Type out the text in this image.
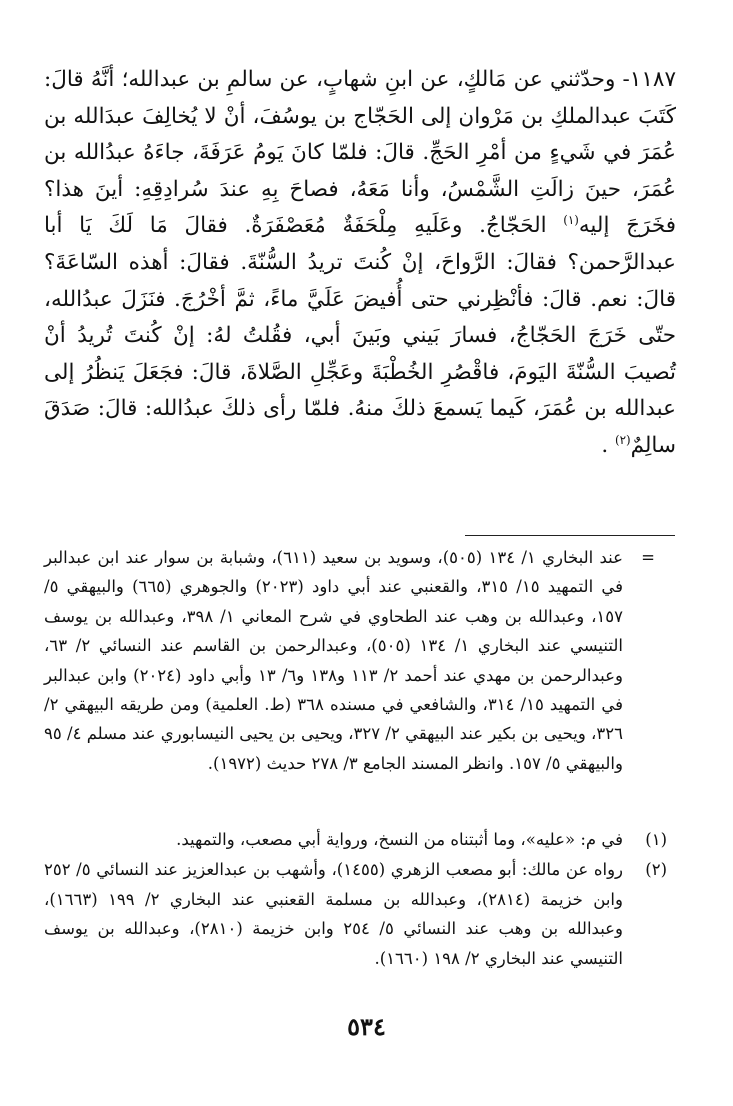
١١٨٧- وحدّثني عن مَالكٍ، عن ابنِ شهابٍ، عن سالمِ بن عبدالله؛ أنَّهُ قالَ: كَتَبَ عبدالملكِ بن مَرْوان إلى الحَجّاج بن يوسُفَ، أنْ لا يُخالِفَ عبدَالله بن عُمَرَ في شَيءٍ من أمْرِ الحَجِّ. قالَ: فلمّا كانَ يَومُ عَرَفَةَ، جاءَهُ عبدُالله بن عُمَرَ، حينَ زالَتِ الشَّمْسُ، وأنا مَعَهُ، فصاحَ بِهِ عندَ سُرادِقِهِ: أينَ هذا؟ فخَرَجَ إليه$^{(١)}$ الحَجّاجُ. وعَلَيهِ مِلْحَفَةٌ مُعَصْفَرَةٌ. فقالَ مَا لَكَ يَا أبا عبدالرَّحمن؟ فقالَ: الرَّواحَ، إنْ كُنتَ تريدُ السُّنّةَ. فقالَ: أهذه السّاعَةَ؟ قالَ: نعم. قالَ: فأنْظِرني حتى أُفيضَ عَلَيَّ ماءً، ثمَّ أخْرُجَ. فنَزَلَ عبدُالله، حتّى خَرَجَ الحَجّاجُ، فسارَ بَيني وبَينَ أبي، فقُلتُ لهُ: إنْ كُنتَ تُريدُ أنْ تُصيبَ السُّنّةَ اليَومَ، فاقْصُرِ الخُطْبَةَ وعَجِّلِ الصَّلاةَ، قالَ: فجَعَلَ يَنظُرُ إلى عبدالله بن عُمَرَ، كَيما يَسمعَ ذلكَ منهُ. فلمّا رأى ذلكَ عبدُالله: قالَ: صَدَقَ سالِمٌ$^{(٢)}$ .

=
عند البخاري ١/ ١٣٤ (٥٠٥)، وسويد بن سعيد (٦١١)، وشبابة بن سوار عند ابن عبدالبر في التمهيد ١٥/ ٣١٥، والقعنبي عند أبي داود (٢٠٢٣) والجوهري (٦٦٥) والبيهقي ٥/ ١٥٧، وعبدالله بن وهب عند الطحاوي في شرح المعاني ١/ ٣٩٨، وعبدالله بن يوسف التنيسي عند البخاري ١/ ١٣٤ (٥٠٥)، وعبدالرحمن بن القاسم عند النسائي ٢/ ٦٣، وعبدالرحمن بن مهدي عند أحمد ٢/ ١١٣ و١٣٨ و٦/ ١٣ وأبي داود (٢٠٢٤) وابن عبدالبر في التمهيد ١٥/ ٣١٤، والشافعي في مسنده ٣٦٨ (ط. العلمية) ومن طريقه البيهقي ٢/ ٣٢٦، ويحيى بن بكير عند البيهقي ٢/ ٣٢٧، ويحيى بن يحيى النيسابوري عند مسلم ٤/ ٩٥ والبيهقي ٥/ ١٥٧. وانظر المسند الجامع ٣/ ٢٧٨ حديث (١٩٧٢).

(١)
في م: «عليه»، وما أثبتناه من النسخ، ورواية أبي مصعب، والتمهيد.

(٢)
رواه عن مالك: أبو مصعب الزهري (١٤٥٥)، وأشهب بن عبدالعزيز عند النسائي ٥/ ٢٥٢ وابن خزيمة (٢٨١٤)، وعبدالله بن مسلمة القعنبي عند البخاري ٢/ ١٩٩ (١٦٦٣)، وعبدالله بن وهب عند النسائي ٥/ ٢٥٤ وابن خزيمة (٢٨١٠)، وعبدالله بن يوسف التنيسي عند البخاري ٢/ ١٩٨ (١٦٦٠).

٥٣٤
